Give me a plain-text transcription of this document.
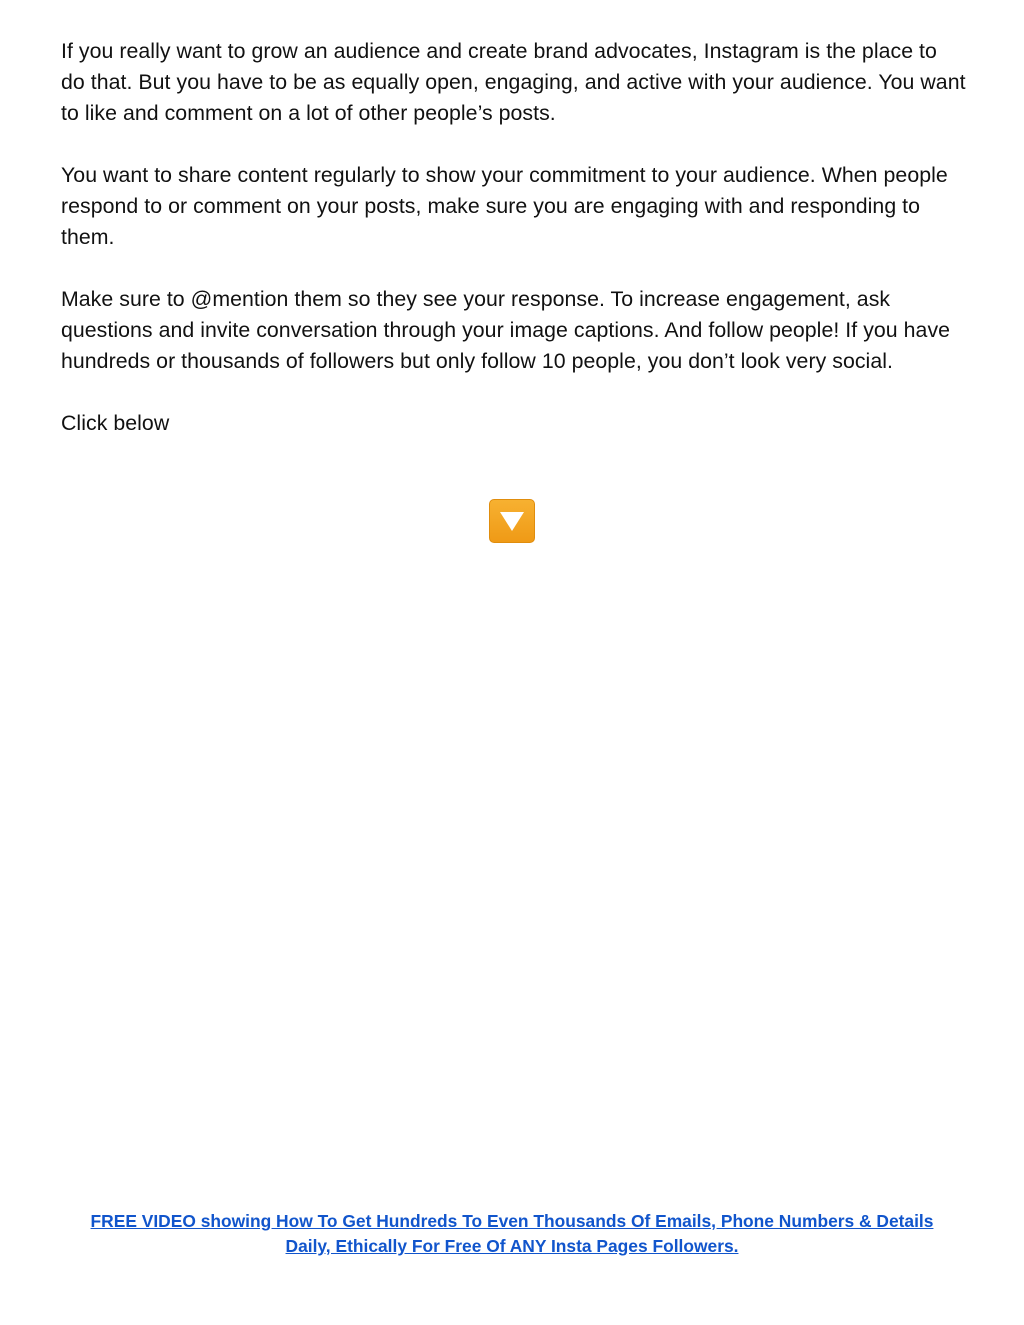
If you really want to grow an audience and create brand advocates, Instagram is the place to do that. But you have to be as equally open, engaging, and active with your audience. You want to like and comment on a lot of other people’s posts.

You want to share content regularly to show your commitment to your audience. When people respond to or comment on your posts, make sure you are engaging with and responding to them.

Make sure to @mention them so they see your response. To increase engagement, ask questions and invite conversation through your image captions. And follow people! If you have hundreds or thousands of followers but only follow 10 people, you don’t look very social.

Click below

FREE VIDEO showing How To Get Hundreds To Even Thousands Of Emails, Phone Numbers & Details
Daily, Ethically For Free Of ANY Insta Pages Followers.
